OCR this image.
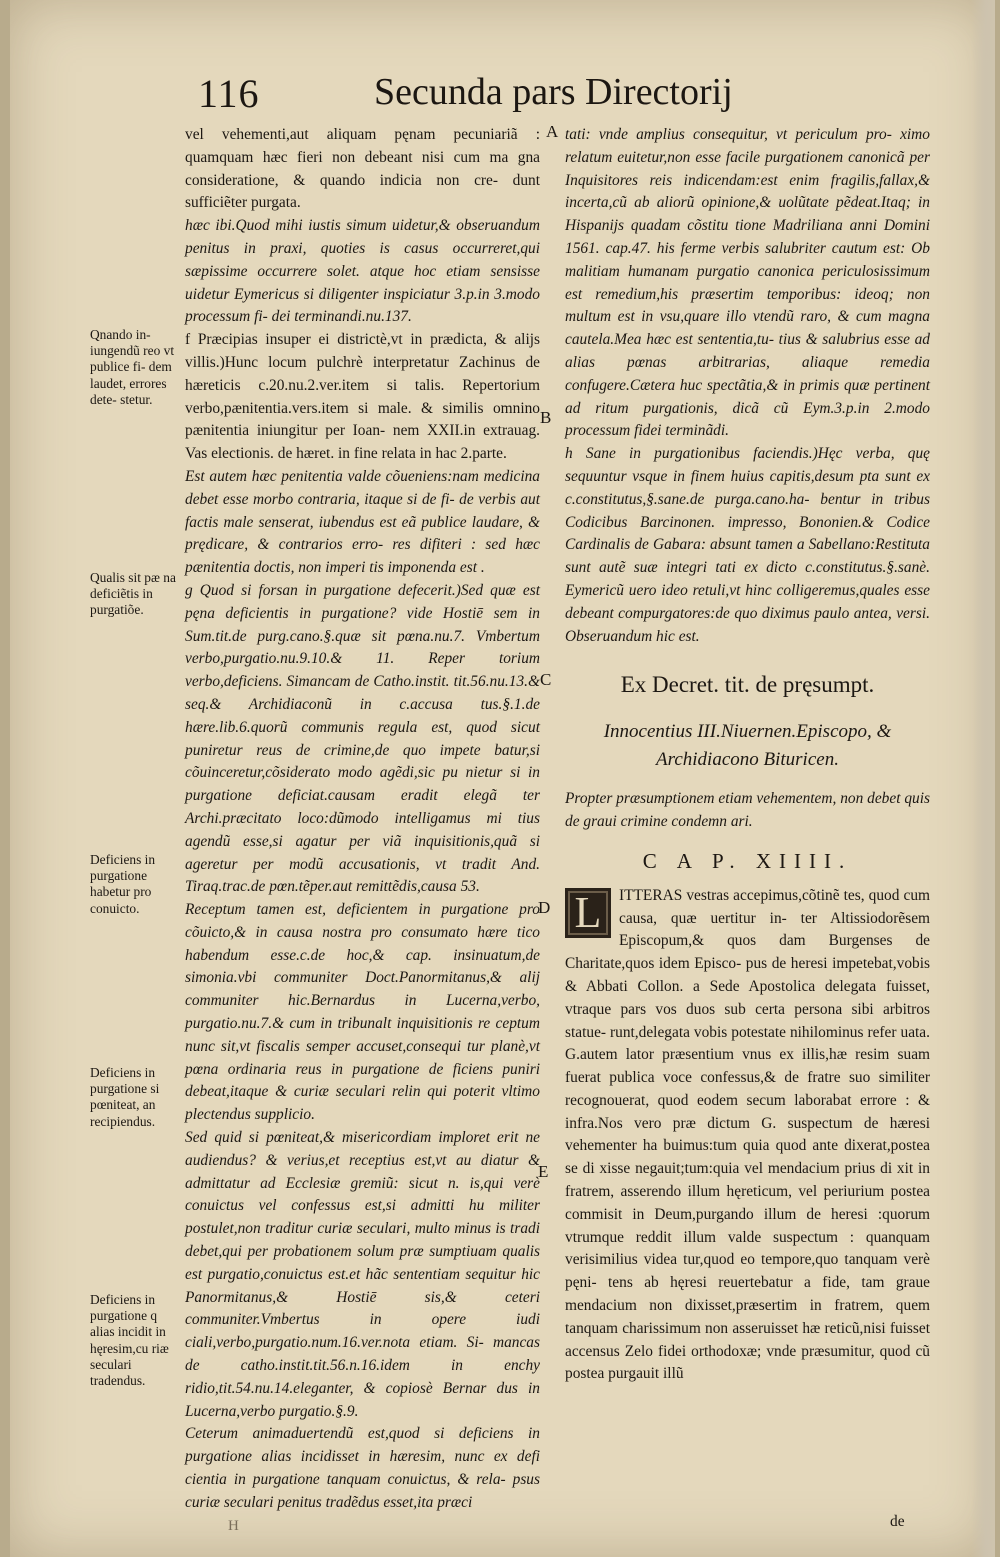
116	Secunda pars Directorij

vel vehementi,aut aliquam pęnam pecuniariã : quamquam hæc fieri non debeant nisi cum ma gna consideratione, & quando indicia non cre- dunt sufficiẽter purgata.

hæc ibi.Quod mihi iustis simum uidetur,& obseruandum penitus in praxi, quoties is casus occurreret,qui sæpissime occurrere solet. atque hoc etiam sensisse uidetur Eymericus si diligenter inspiciatur 3.p.in 3.modo processum fi- dei terminandi.nu.137.

f Præcipias insuper ei districtè,vt in prædicta, & alijs villis.)Hunc locum pulchrè interpretatur Zachinus de hæreticis c.20.nu.2.ver.item si talis. Repertorium verbo,pænitentia.vers.item si male. & similis omnino pænitentia iniungitur per Ioan- nem XXII.in extrauag. Vas electionis. de hæret. in fine relata in hac 2.parte.

Est autem hæc penitentia valde cõueniens:nam medicina debet esse morbo contraria, itaque si de fi- de verbis aut factis male senserat, iubendus est eã publice laudare, & prędicare, & contrarios erro- res difiteri : sed hæc pænitentia doctis, non imperi tis imponenda est .

g Quod si forsan in purgatione defecerit.)Sed quæ est pęna deficientis in purgatione? vide Hostiē sem in Sum.tit.de purg.cano.§.quæ sit pœna.nu.7. Vmbertum verbo,purgatio.nu.9.10.& 11. Reper torium verbo,deficiens. Simancam de Catho.instit. tit.56.nu.13.& seq.& Archidiaconũ in c.accusa tus.§.1.de hære.lib.6.quorũ communis regula est, quod sicut puniretur reus de crimine,de quo impete batur,si cõuinceretur,cõsiderato modo agẽdi,sic pu nietur si in purgatione deficiat.causam eradit elegã ter Archi.præcitato loco:dũmodo intelligamus mi tius agendũ esse,si agatur per viã inquisitionis,quã si ageretur per modũ accusationis, vt tradit And. Tiraq.trac.de pœn.tẽper.aut remittẽdis,causa 53.

Receptum tamen est, deficientem in purgatione pro cõuicto,& in causa nostra pro consumato hære tico habendum esse.c.de hoc,& cap. insinuatum,de simonia.vbi communiter Doct.Panormitanus,& alij communiter hic.Bernardus in Lucerna,verbo, purgatio.nu.7.& cum in tribunalt inquisitionis re ceptum nunc sit,vt fiscalis semper accuset,consequi tur planè,vt pœna ordinaria reus in purgatione de ficiens puniri debeat,itaque & curiæ seculari relin qui poterit vltimo plectendus supplicio.

Sed quid si pœniteat,& misericordiam imploret erit ne audiendus? & verius,et receptius est,vt au diatur & admittatur ad Ecclesiæ gremiũ: sicut n. is,qui verè conuictus vel confessus est,si admitti hu militer postulet,non traditur curiæ seculari, multo minus is tradi debet,qui per probationem solum præ sumptiuam qualis est purgatio,conuictus est.et hãc sententiam sequitur hic Panormitanus,& Hostiē sis,& ceteri communiter.Vmbertus in opere iudi ciali,verbo,purgatio.num.16.ver.nota etiam. Si- mancas de catho.instit.tit.56.n.16.idem in enchy ridio,tit.54.nu.14.eleganter, & copiosè Bernar dus in Lucerna,verbo purgatio.§.9.

Ceterum animaduertendũ est,quod si deficiens in purgatione alias incidisset in hæresim, nunc ex defi cientia in purgatione tanquam conuictus, & rela- psus curiæ seculari penitus tradẽdus esset,ita præci

Qnando in- iungendũ reo vt publice fi- dem laudet, errores dete- stetur.
Qualis sit pæ na deficiẽtis in purgatiõe.
Deficiens in purgatione habetur pro conuicto.
Deficiens in purgatione si pœniteat, an recipiendus.
Deficiens in purgatione q alias incidit in hęresim,cu riæ seculari tradendus.
A
B
C
D
E

tati: vnde amplius consequitur, vt periculum pro- ximo relatum euitetur,non esse facile purgationem canonicã per Inquisitores reis indicendam:est enim fragilis,fallax,& incerta,cũ ab aliorũ opinione,& uolũtate pẽdeat.Itaq; in Hispanijs quadam cõstitu tione Madriliana anni Domini 1561. cap.47. his ferme verbis salubriter cautum est: Ob malitiam humanam purgatio canonica periculosissimum est remedium,his præsertim temporibus: ideoq; non multum est in vsu,quare illo vtendũ raro, & cum magna cautela.Mea hæc est sententia,tu- tius & salubrius esse ad alias pœnas arbitrarias, aliaque remedia confugere.Cætera huc spectãtia,& in primis quæ pertinent ad ritum purgationis, dicã cũ Eym.3.p.in 2.modo processum fidei terminãdi.

h Sane in purgationibus faciendis.)Hęc verba, quę sequuntur vsque in finem huius capitis,desum pta sunt ex c.constitutus,§.sane.de purga.cano.ha- bentur in tribus Codicibus Barcinonen. impresso, Bononien.& Codice Cardinalis de Gabara: absunt tamen a Sabellano:Restituta sunt autẽ suæ integri tati ex dicto c.constitutus.§.sanè. Eymericũ uero ideo retuli,vt hinc colligeremus,quales esse debeant compurgatores:de quo diximus paulo antea, versi. Obseruandum hic est.

Ex Decret. tit. de pręsumpt.
Innocentius III.Niuernen.Episcopo, & Archidiacono Bituricen.

Propter præsumptionem etiam vehementem, non debet quis de graui crimine condemn ari.

C A P. XIIII.

L	ITTERAS vestras accepimus,cõtinẽ tes, quod cum causa, quæ uertitur in- ter Altissiodorẽsem Episcopum,& quos dam Burgenses de Charitate,quos idem Episco- pus de heresi impetebat,vobis & Abbati Collon. a Sede Apostolica delegata fuisset, vtraque pars vos duos sub certa persona sibi arbitros statue- runt,delegata vobis potestate nihilominus refer uata. G.autem lator præsentium vnus ex illis,hæ resim suam fuerat publica voce confessus,& de fratre suo similiter recognouerat, quod eodem secum laborabat errore : & infra.Nos vero præ dictum G. suspectum de hæresi vehementer ha buimus:tum quia quod ante dixerat,postea se di xisse negauit;tum:quia vel mendacium prius di xit in fratrem, asserendo illum hęreticum, vel periurium postea commisit in Deum,purgando illum de heresi :quorum vtrumque reddit illum valde suspectum : quanquam verisimilius videa tur,quod eo tempore,quo tanquam verè pęni- tens ab hęresi reuertebatur a fide, tam graue mendacium non dixisset,præsertim in fratrem, quem tanquam charissimum non asseruisset hæ reticũ,nisi fuisset accensus Zelo fidei orthodoxæ; vnde præsumitur, quod cũ postea purgauit illũ

H	de
